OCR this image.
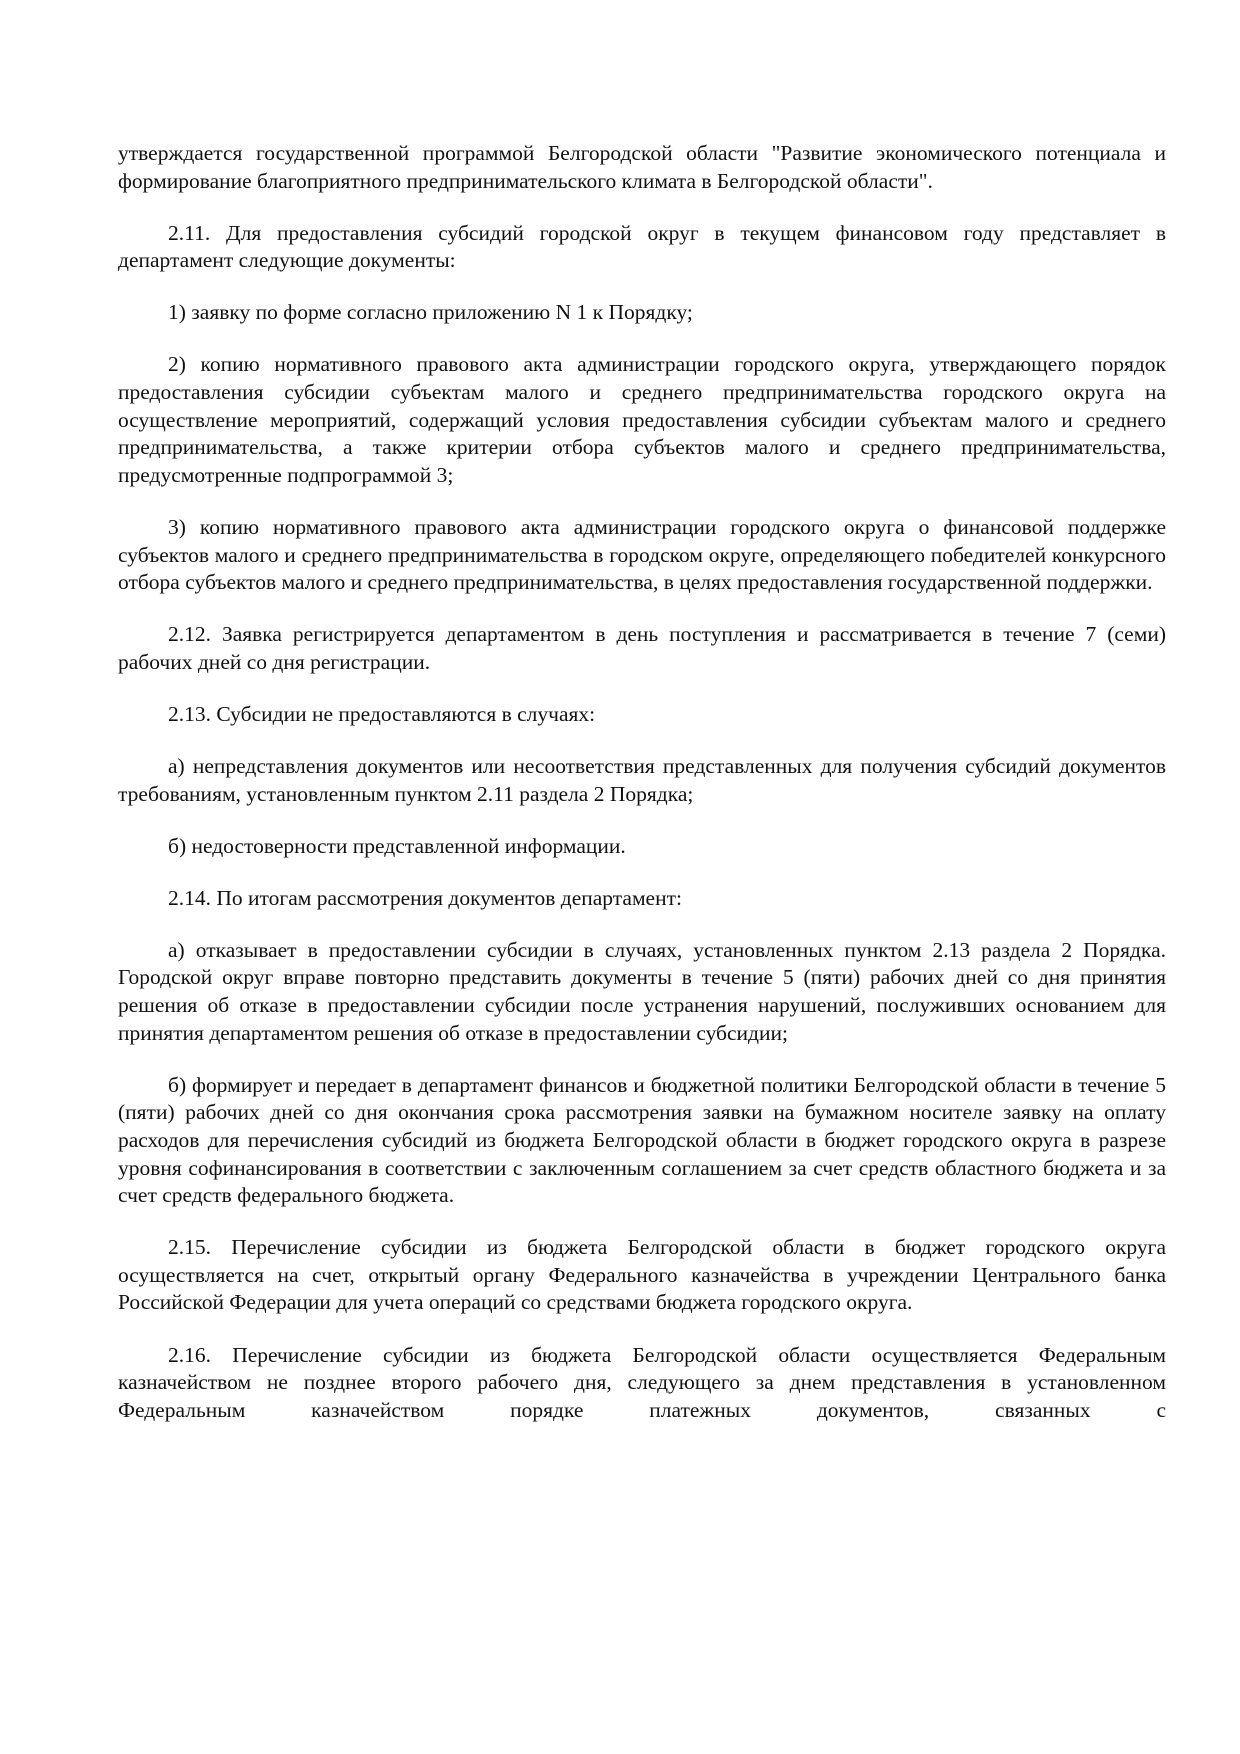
утверждается государственной программой Белгородской области "Развитие экономического потенциала и формирование благоприятного предпринимательского климата в Белгородской области".

2.11. Для предоставления субсидий городской округ в текущем финансовом году представляет в департамент следующие документы:

1) заявку по форме согласно приложению N 1 к Порядку;

2) копию нормативного правового акта администрации городского округа, утверждающего порядок предоставления субсидии субъектам малого и среднего предпринимательства городского округа на осуществление мероприятий, содержащий условия предоставления субсидии субъектам малого и среднего предпринимательства, а также критерии отбора субъектов малого и среднего предпринимательства, предусмотренные подпрограммой 3;

3) копию нормативного правового акта администрации городского округа о финансовой поддержке субъектов малого и среднего предпринимательства в городском округе, определяющего победителей конкурсного отбора субъектов малого и среднего предпринимательства, в целях предоставления государственной поддержки.

2.12. Заявка регистрируется департаментом в день поступления и рассматривается в течение 7 (семи) рабочих дней со дня регистрации.

2.13. Субсидии не предоставляются в случаях:

а) непредставления документов или несоответствия представленных для получения субсидий документов требованиям, установленным пунктом 2.11 раздела 2 Порядка;

б) недостоверности представленной информации.

2.14. По итогам рассмотрения документов департамент:

а) отказывает в предоставлении субсидии в случаях, установленных пунктом 2.13 раздела 2 Порядка. Городской округ вправе повторно представить документы в течение 5 (пяти) рабочих дней со дня принятия решения об отказе в предоставлении субсидии после устранения нарушений, послуживших основанием для принятия департаментом решения об отказе в предоставлении субсидии;

б) формирует и передает в департамент финансов и бюджетной политики Белгородской области в течение 5 (пяти) рабочих дней со дня окончания срока рассмотрения заявки на бумажном носителе заявку на оплату расходов для перечисления субсидий из бюджета Белгородской области в бюджет городского округа в разрезе уровня софинансирования в соответствии с заключенным соглашением за счет средств областного бюджета и за счет средств федерального бюджета.

2.15. Перечисление субсидии из бюджета Белгородской области в бюджет городского округа осуществляется на счет, открытый органу Федерального казначейства в учреждении Центрального банка Российской Федерации для учета операций со средствами бюджета городского округа.

2.16. Перечисление субсидии из бюджета Белгородской области осуществляется Федеральным казначейством не позднее второго рабочего дня, следующего за днем представления в установленном Федеральным казначейством порядке платежных документов, связанных с
